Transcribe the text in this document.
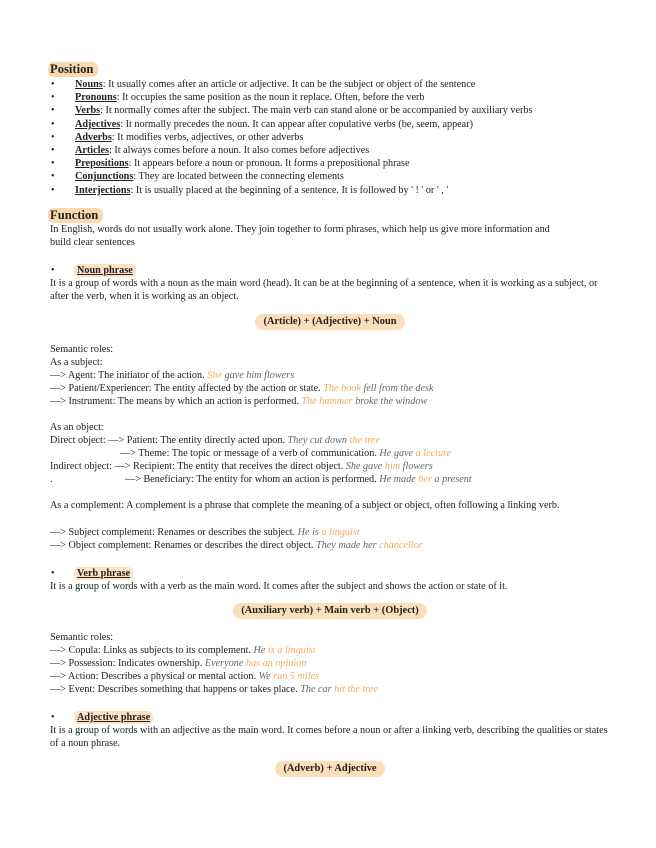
Position
• Nouns: It usually comes after an article or adjective. It can be the subject or object of the sentence
• Pronouns: It occupies the same position as the noun it replace. Often, before the verb
• Verbs: It normally comes after the subject. The main verb can stand alone or be accompanied by auxiliary verbs
• Adjectives: It normally precedes the noun. It can appear after copulative verbs (be, seem, appear)
• Adverbs: It modifies verbs, adjectives, or other adverbs
• Articles: It always comes before a noun. It also comes before adjectives
• Prepositions: It appears before a noun or pronoun. It forms a prepositional phrase
• Conjunctions: They are located between the connecting elements
• Interjections: It is usually placed at the beginning of a sentence. It is followed by ' ! ' or ' , '
Function

In English, words do not usually work alone. They join together to form phrases, which help us give more information and build clear sentences

• Noun phrase

It is a group of words with a noun as the main word (head). It can be at the beginning of a sentence, when it is working as a subject, or after the verb, when it is working as an object.

(Article) + (Adjective) + Noun

Semantic roles:

As a subject:

—> Agent: The initiator of the action. She gave him flowers

—> Patient/Experiencer: The entity affected by the action or state. The book fell from the desk

—> Instrument: The means by which an action is performed. The hammer broke the window

As an object:

Direct object: —> Patient: The entity directly acted upon. They cut down the tree

—> Theme: The topic or message of a verb of communication. He gave a lecture

Indirect object: —> Recipient: The entity that receives the direct object. She gave him flowers

.	—> Beneficiary: The entity for whom an action is performed. He made her a present

As a complement: A complement is a phrase that complete the meaning of a subject or object, often following a linking verb.

—> Subject complement: Renames or describes the subject. He is a linguist

—> Object complement: Renames or describes the direct object. They made her chancellor

• Verb phrase

It is a group of words with a verb as the main word. It comes after the subject and shows the action or state of it.

(Auxiliary verb) + Main verb + (Object)

Semantic roles:

—> Copula: Links as subjects to its complement. He is a linguist

—> Possession: Indicates ownership. Everyone has an opinion

—> Action: Describes a physical or mental action. We ran 5 miles

—> Event: Describes something that happens or takes place. The car hit the tree

• Adjective phrase

It is a group of words with an adjective as the main word. It comes before a noun or after a linking verb, describing the qualities or states of a noun phrase.

(Adverb) + Adjective
